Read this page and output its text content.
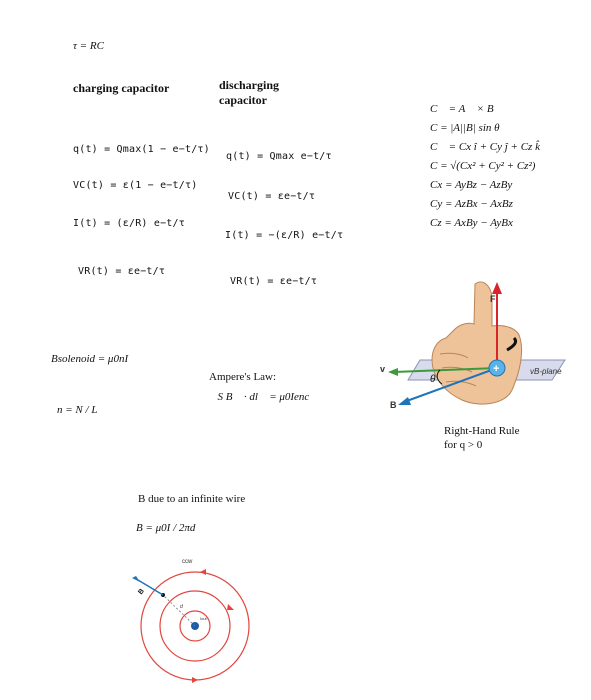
τ = RC
charging capacitor
q(t) = Qmax(1 − e−t/τ)
VC(t) = ε(1 − e−t/τ)
I(t) = (ε/R) e−t/τ
VR(t) = εe−t/τ
discharging capacitor
q(t) = Qmax e−t/τ
VC(t) = εe−t/τ
I(t) = −(ε/R) e−t/τ
VR(t) = εe−t/τ
C⃗ = A⃗ × B⃗
C = |A||B| sin θ
C⃗ = Cx î + Cy ĵ + Cz k̂
C = √(Cx² + Cy² + Cz²)
Cx = AyBz − AzBy
Cy = AzBx − AxBz
Cz = AxBy − AyBx
F
v
B
θ
+	vB-plane
Right-Hand Rule
for q > 0
Bsolenoid = μ0nI
n = N / L
Ampere's Law:
∮S B⃗ · dl⃗ = μ0Ienc
B due to an infinite wire
B = μ0I / 2πd
ccw
Iout
d
B
